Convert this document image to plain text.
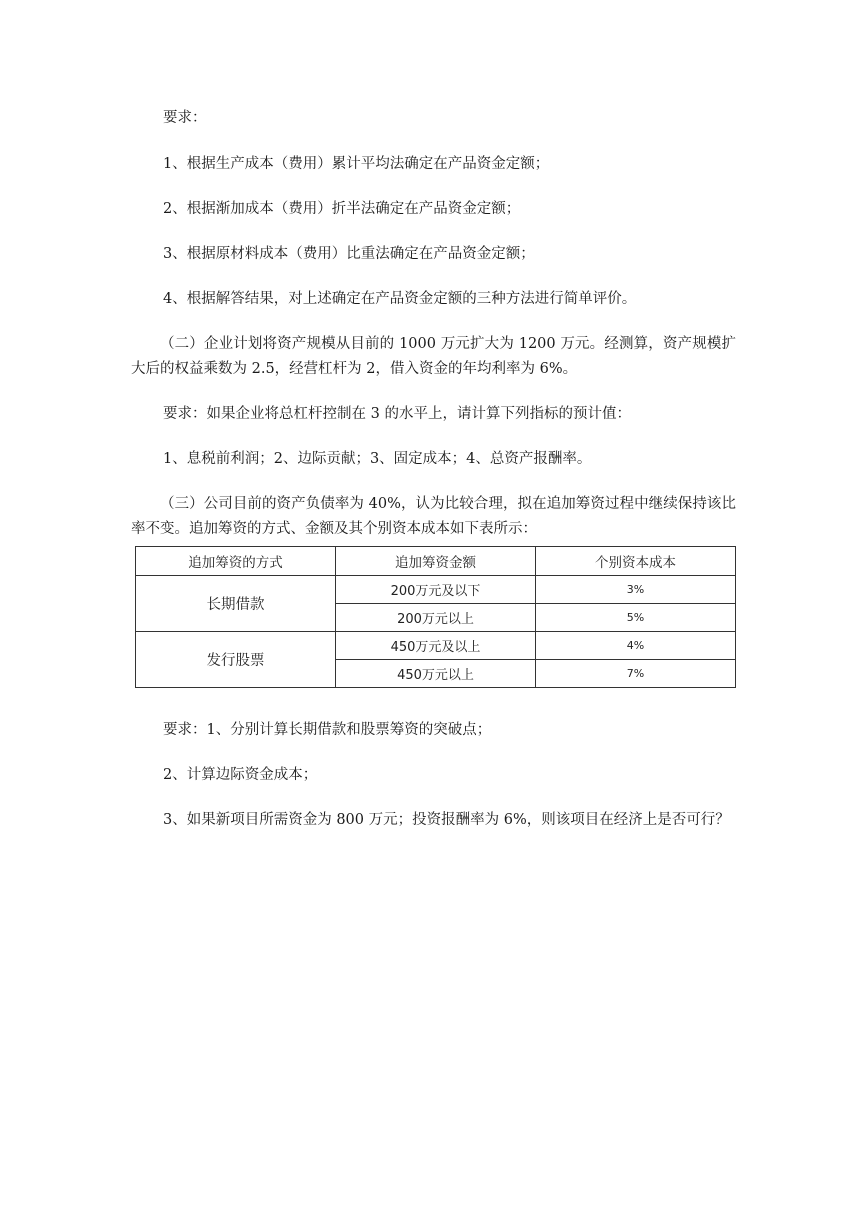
要求：

1、根据生产成本（费用）累计平均法确定在产品资金定额；

2、根据渐加成本（费用）折半法确定在产品资金定额；

3、根据原材料成本（费用）比重法确定在产品资金定额；

4、根据解答结果，对上述确定在产品资金定额的三种方法进行简单评价。

（二）企业计划将资产规模从目前的 1000 万元扩大为 1200 万元。经测算，资产规模扩大后的权益乘数为 2.5，经营杠杆为 2，借入资金的年均利率为 6%。

要求：如果企业将总杠杆控制在 3 的水平上，请计算下列指标的预计值：

1、息税前利润；2、边际贡献；3、固定成本；4、总资产报酬率。

（三）公司目前的资产负债率为 40%，认为比较合理，拟在追加筹资过程中继续保持该比率不变。追加筹资的方式、金额及其个别资本成本如下表所示：

追加筹资的方式	追加筹资金额	个别资本成本
长期借款	200万元及以下	3%
	200万元以上	5%
发行股票	450万元及以上	4%
	450万元以上	7%

要求：1、分别计算长期借款和股票筹资的突破点；

2、计算边际资金成本；

3、如果新项目所需资金为 800 万元；投资报酬率为 6%，则该项目在经济上是否可行？
